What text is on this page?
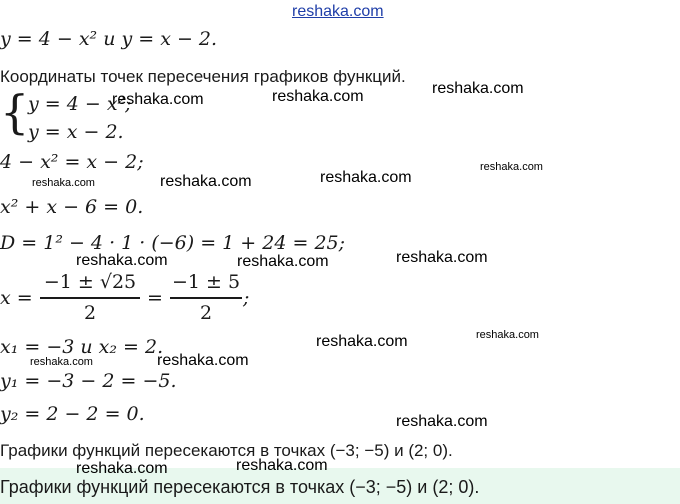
reshaka.com
y = 4 − x² и y = x − 2.
Координаты точек пересечения графиков функций.
{
y = 4 − x²;
y = x − 2.
4 − x² = x − 2;
x² + x − 6 = 0.
D = 1² − 4 · 1 · (−6) = 1 + 24 = 25;
x =
−1 ± √25
2
=
−1 ± 5
2
;
x₁ = −3 и x₂ = 2.
y₁ = −3 − 2 = −5.
y₂ = 2 − 2 = 0.
Графики функций пересекаются в точках (−3; −5) и (2; 0).
Графики функций пересекаются в точках (−3; −5) и (2; 0).
reshaka.com	reshaka.com	reshaka.com
reshaka.com
reshaka.com
reshaka.com	reshaka.com
reshaka.com	reshaka.com	reshaka.com
reshaka.com
reshaka.com
reshaka.com
reshaka.com
reshaka.com
reshaka.com	reshaka.com
